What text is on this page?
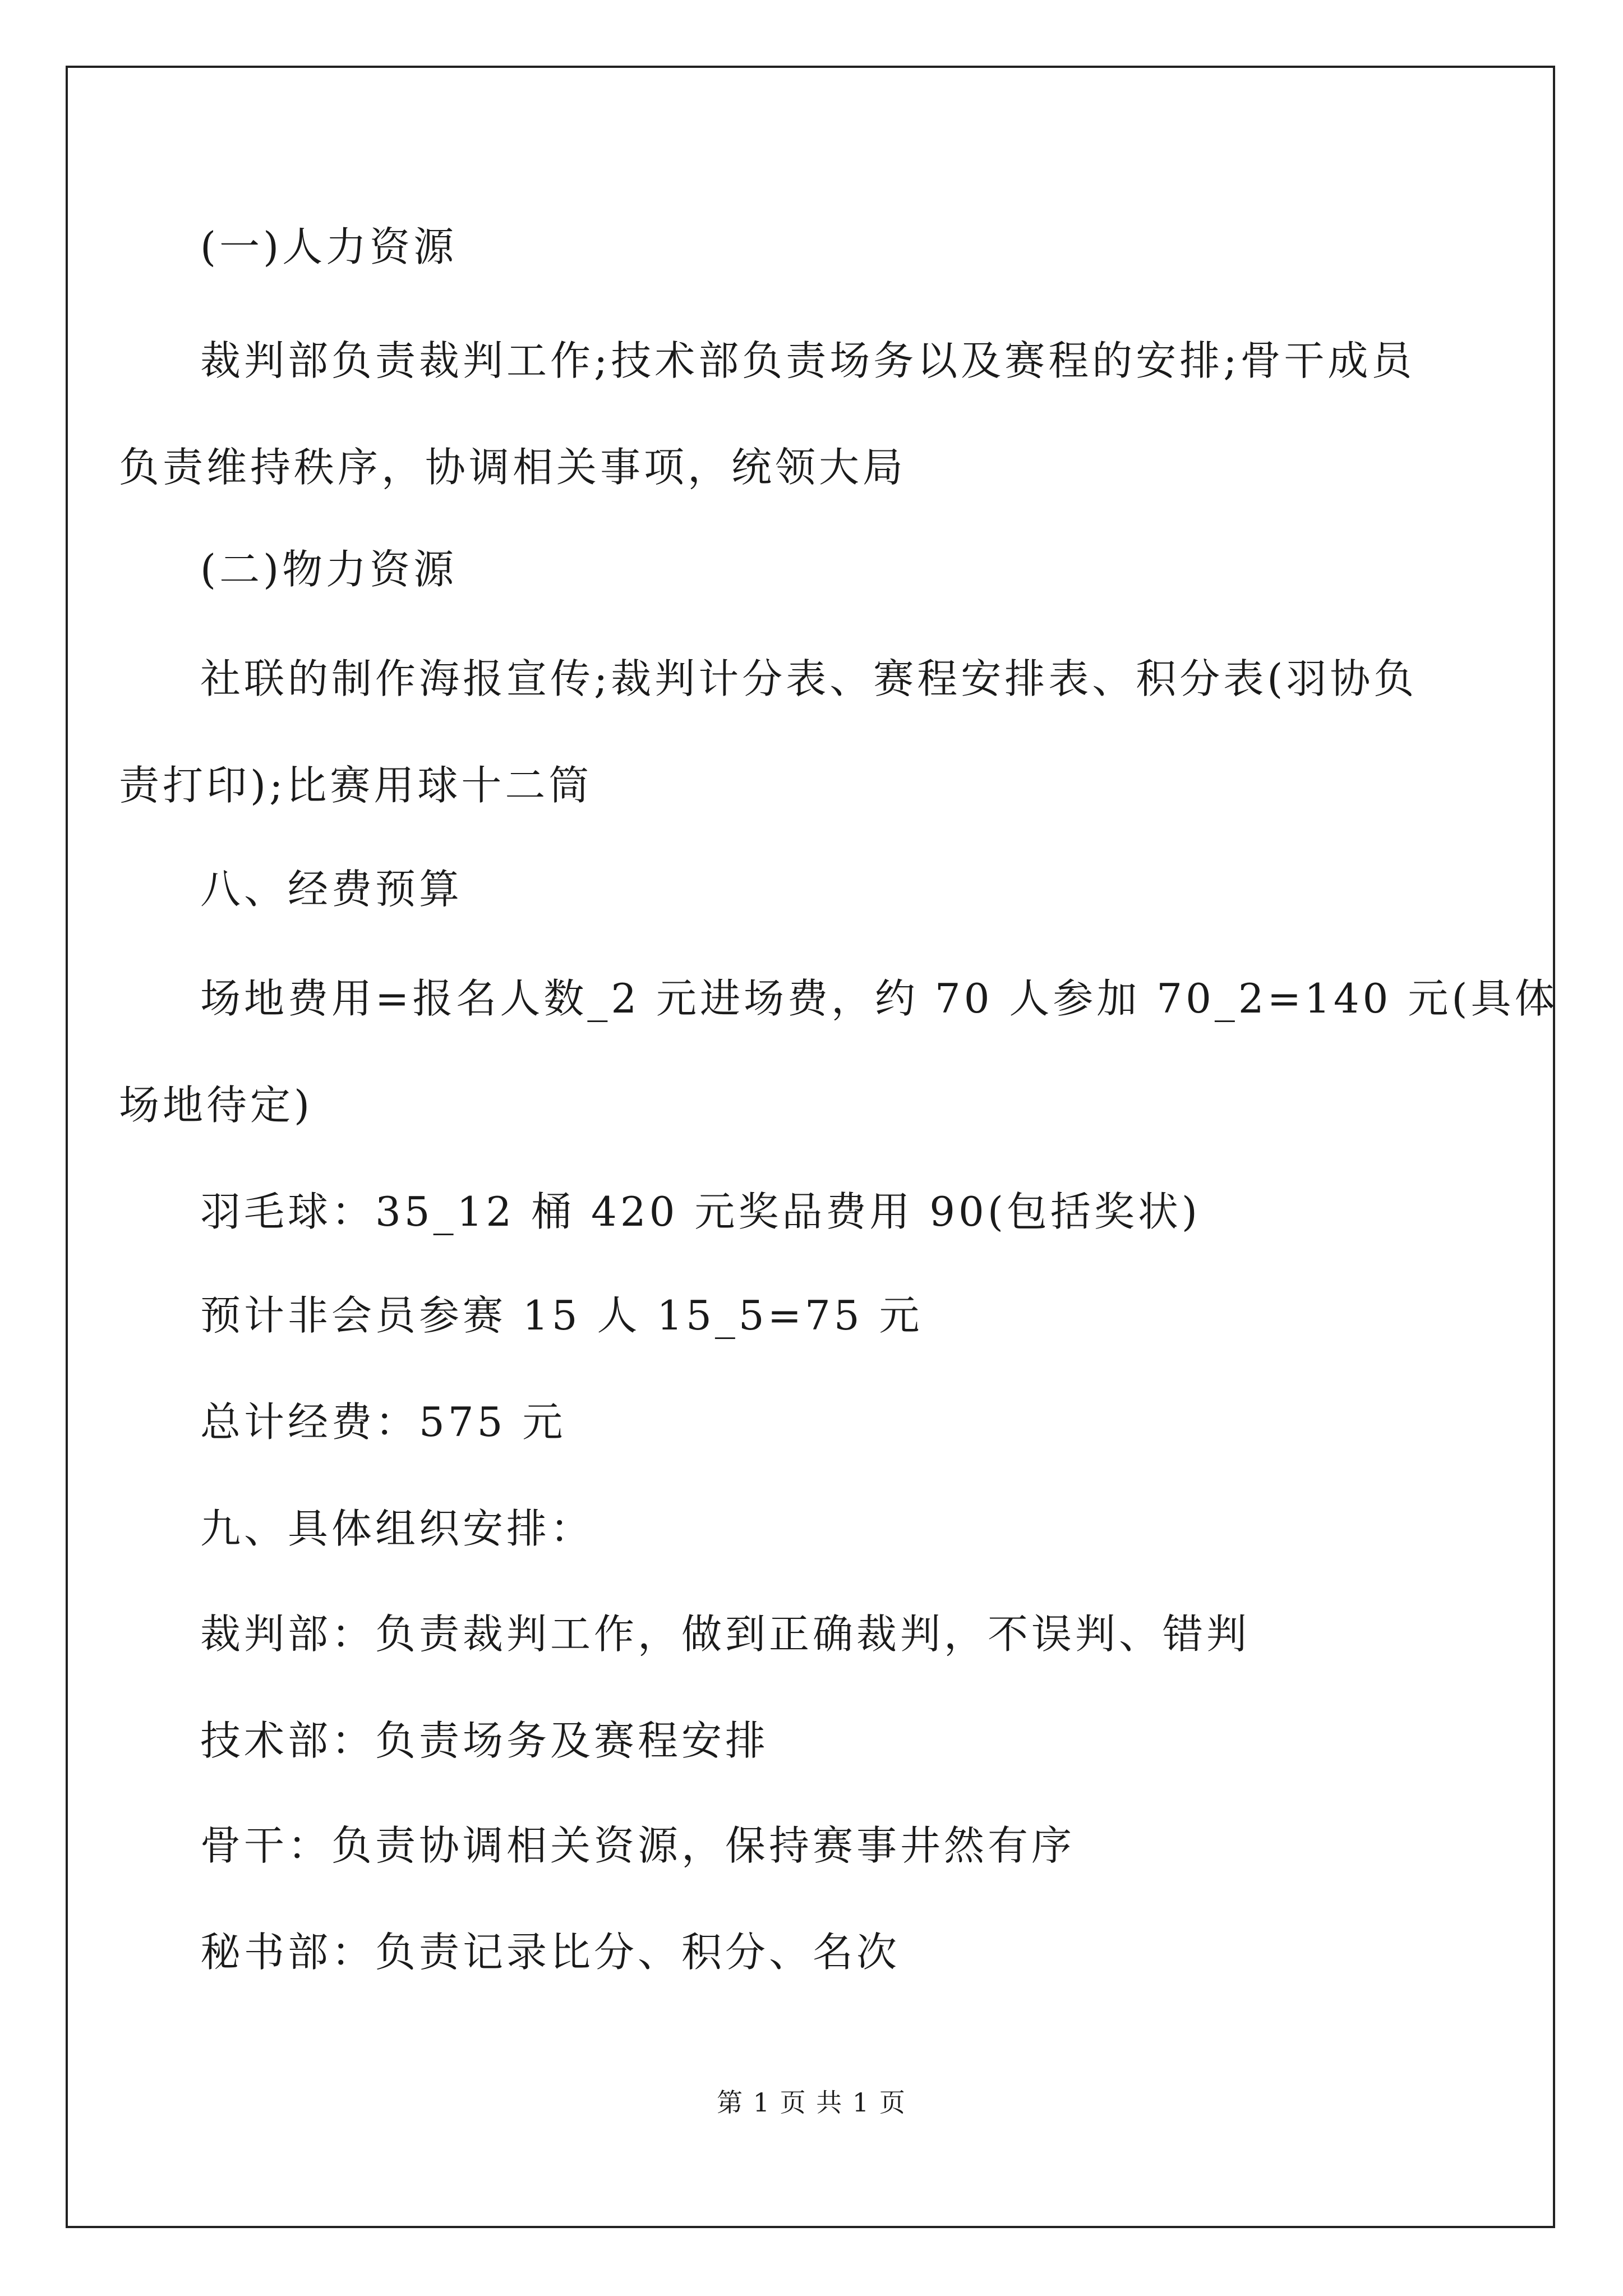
(一)人力资源
裁判部负责裁判工作;技术部负责场务以及赛程的安排;骨干成员
负责维持秩序，协调相关事项，统领大局
(二)物力资源
社联的制作海报宣传;裁判计分表、赛程安排表、积分表(羽协负
责打印);比赛用球十二筒
八、经费预算
场地费用=报名人数_2 元进场费，约 70 人参加 70_2=140 元(具体
场地待定)
羽毛球：35_12 桶 420 元奖品费用 90(包括奖状)
预计非会员参赛 15 人 15_5=75 元
总计经费：575 元
九、具体组织安排：
裁判部：负责裁判工作，做到正确裁判，不误判、错判
技术部：负责场务及赛程安排
骨干：负责协调相关资源，保持赛事井然有序
秘书部：负责记录比分、积分、名次
第 1 页 共 1 页
